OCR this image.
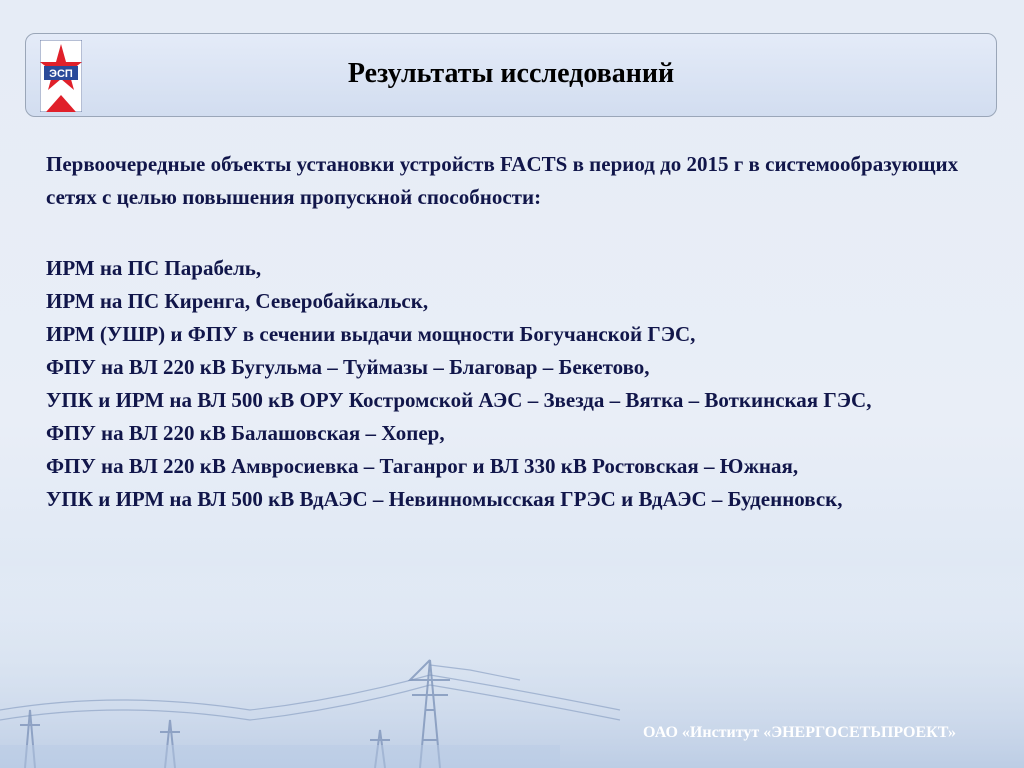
Результаты исследований
ЭСП

Первоочередные объекты установки устройств FACTS в период до 2015 г в системообразующих сетях с целью повышения пропускной способности:

ИРМ на ПС Парабель,
ИРМ на ПС Киренга, Северобайкальск,
ИРМ (УШР) и ФПУ в сечении выдачи мощности Богучанской ГЭС,
ФПУ на ВЛ 220 кВ Бугульма – Туймазы – Благовар – Бекетово,
УПК и ИРМ на ВЛ 500 кВ ОРУ Костромской АЭС – Звезда – Вятка – Воткинская ГЭС,
ФПУ на ВЛ 220 кВ Балашовская – Хопер,
ФПУ на ВЛ 220 кВ Амвросиевка – Таганрог и ВЛ 330 кВ Ростовская – Южная,
УПК и ИРМ на ВЛ 500 кВ ВдАЭС – Невинномысская ГРЭС и ВдАЭС – Буденновск,
ОАО «Институт «ЭНЕРГОСЕТЬПРОЕКТ»
